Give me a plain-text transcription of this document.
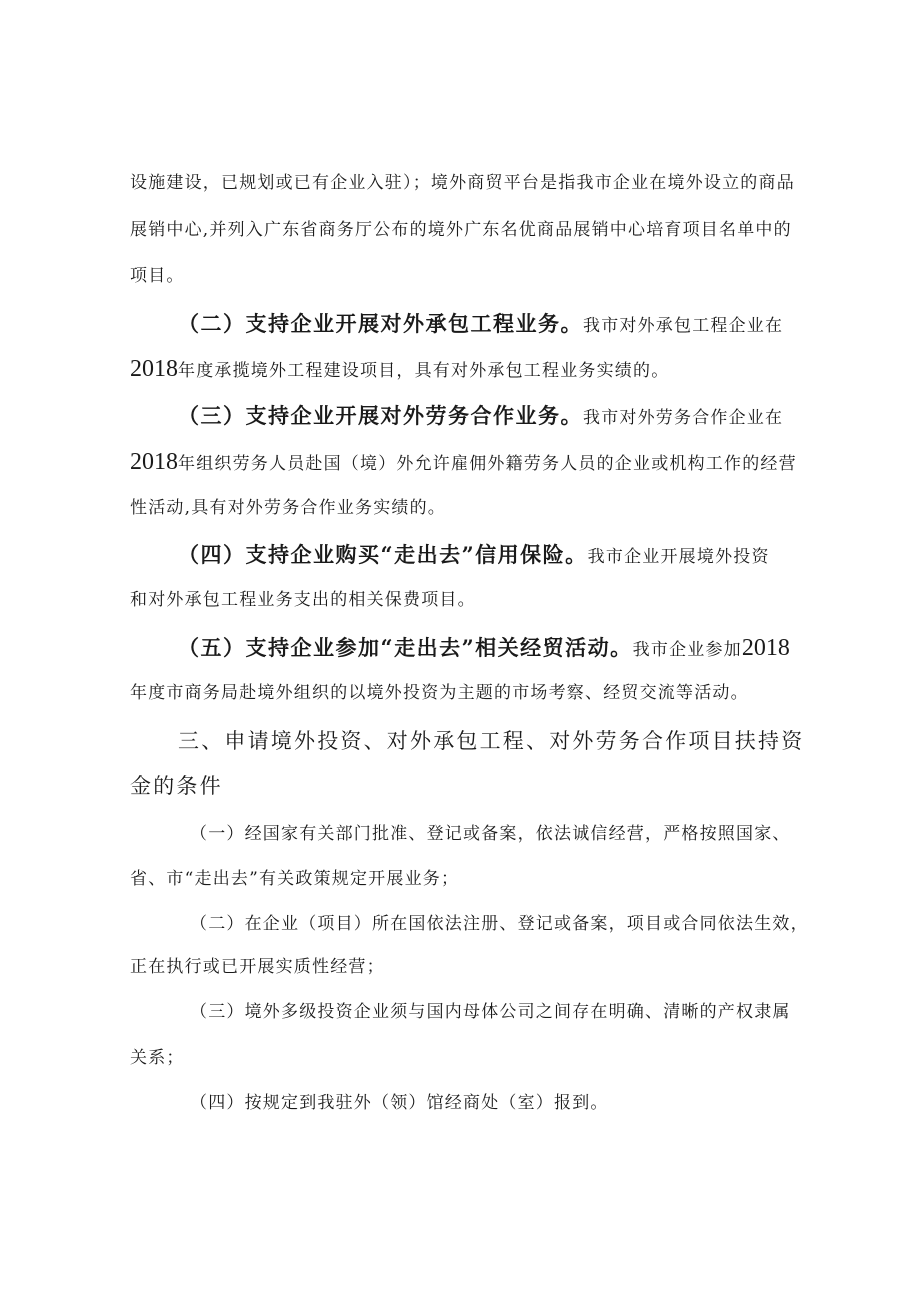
设施建设，已规划或已有企业入驻）；境外商贸平台是指我市企业在境外设立的商品
展销中心,并列入广东省商务厅公布的境外广东名优商品展销中心培育项目名单中的
项目。
（二）支持企业开展对外承包工程业务。我市对外承包工程企业在
2018年度承揽境外工程建设项目，具有对外承包工程业务实绩的。
（三）支持企业开展对外劳务合作业务。我市对外劳务合作企业在
2018年组织劳务人员赴国（境）外允许雇佣外籍劳务人员的企业或机构工作的经营
性活动,具有对外劳务合作业务实绩的。
（四）支持企业购买“走出去”信用保险。我市企业开展境外投资
和对外承包工程业务支出的相关保费项目。
（五）支持企业参加“走出去”相关经贸活动。我市企业参加2018
年度市商务局赴境外组织的以境外投资为主题的市场考察、经贸交流等活动。
三、申请境外投资、对外承包工程、对外劳务合作项目扶持资
金的条件
（一）经国家有关部门批准、登记或备案，依法诚信经营，严格按照国家、
省、市“走出去”有关政策规定开展业务；
（二）在企业（项目）所在国依法注册、登记或备案，项目或合同依法生效，
正在执行或已开展实质性经营；
（三）境外多级投资企业须与国内母体公司之间存在明确、清晰的产权隶属
关系；
（四）按规定到我驻外（领）馆经商处（室）报到。
